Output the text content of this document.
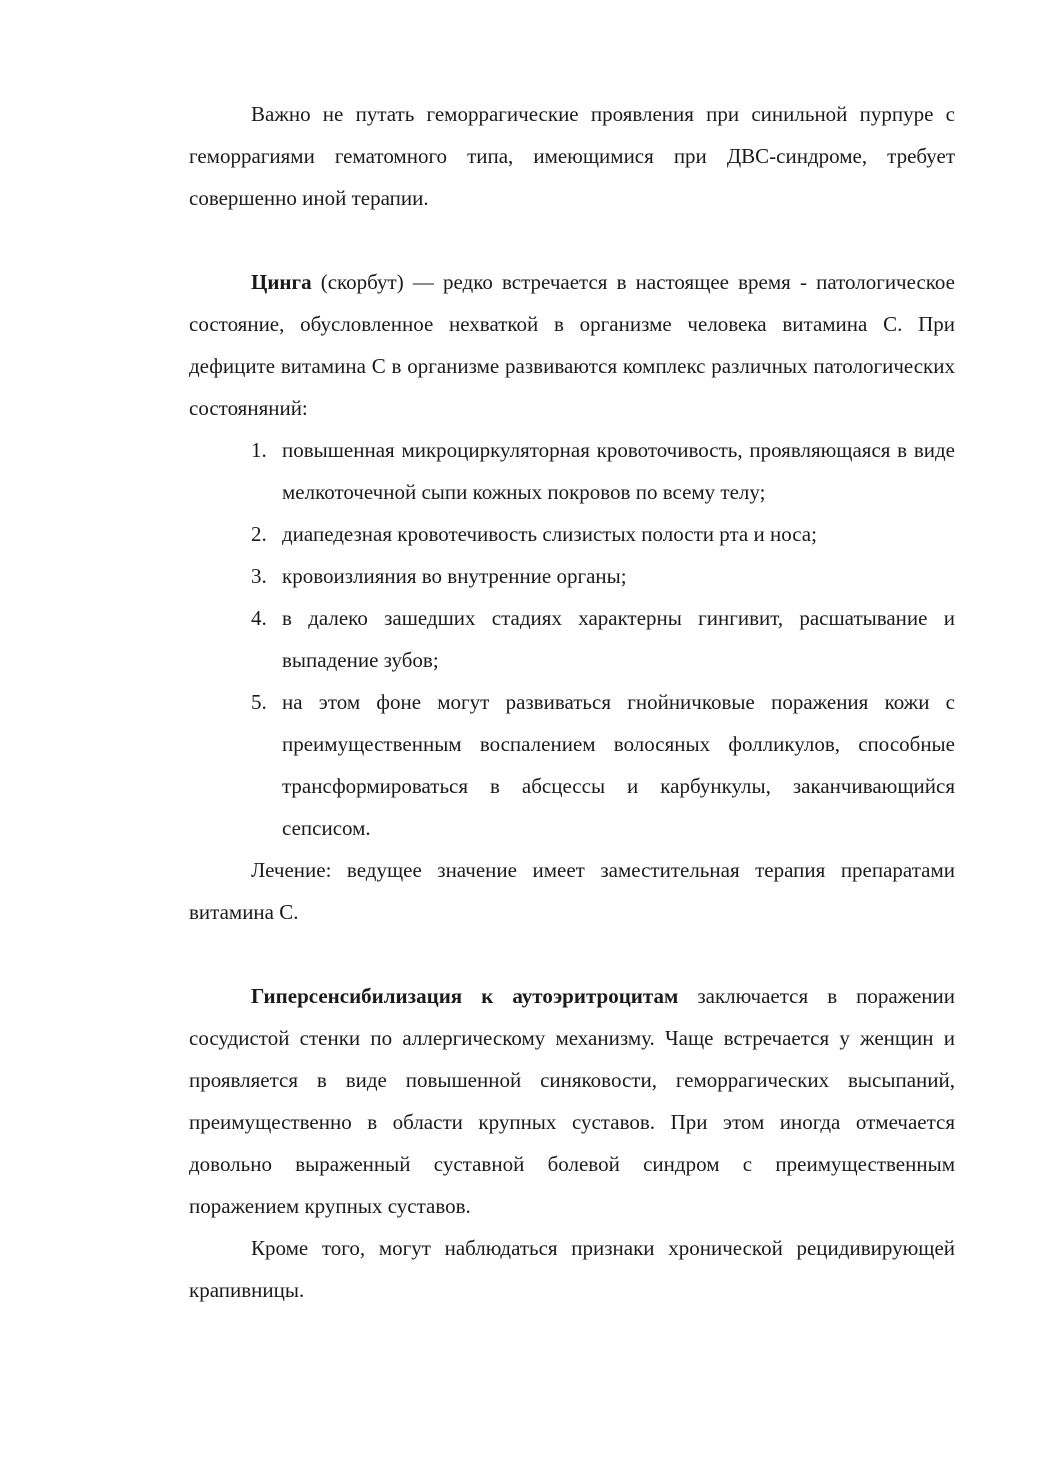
Важно не путать геморрагические проявления при синильной пурпуре с геморрагиями гематомного типа, имеющимися при ДВС-синдроме, требует совершенно иной терапии.

Цинга (скорбут) — редко встречается в настоящее время - патологическое состояние, обусловленное нехваткой в организме человека витамина С. При дефиците витамина С в организме развиваются комплекс различных патологических состояняний:

1. повышенная микроциркуляторная кровоточивость, проявляющаяся в виде мелкоточечной сыпи кожных покровов по всему телу;
2. диапедезная кровотечивость слизистых полости рта и носа;
3. кровоизлияния во внутренние органы;
4. в далеко зашедших стадиях характерны гингивит, расшатывание и выпадение зубов;
5. на этом фоне могут развиваться гнойничковые поражения кожи с преимущественным воспалением волосяных фолликулов, способные трансформироваться в абсцессы и карбункулы, заканчивающийся сепсисом.

Лечение: ведущее значение имеет заместительная терапия препаратами витамина С.

Гиперсенсибилизация к аутоэритроцитам заключается в поражении сосудистой стенки по аллергическому механизму. Чаще встречается у женщин и проявляется в виде повышенной синяковости, геморрагических высыпаний, преимущественно в области крупных суставов. При этом иногда отмечается довольно выраженный суставной болевой синдром с преимущественным поражением крупных суставов.

Кроме того, могут наблюдаться признаки хронической рецидивирующей крапивницы.
